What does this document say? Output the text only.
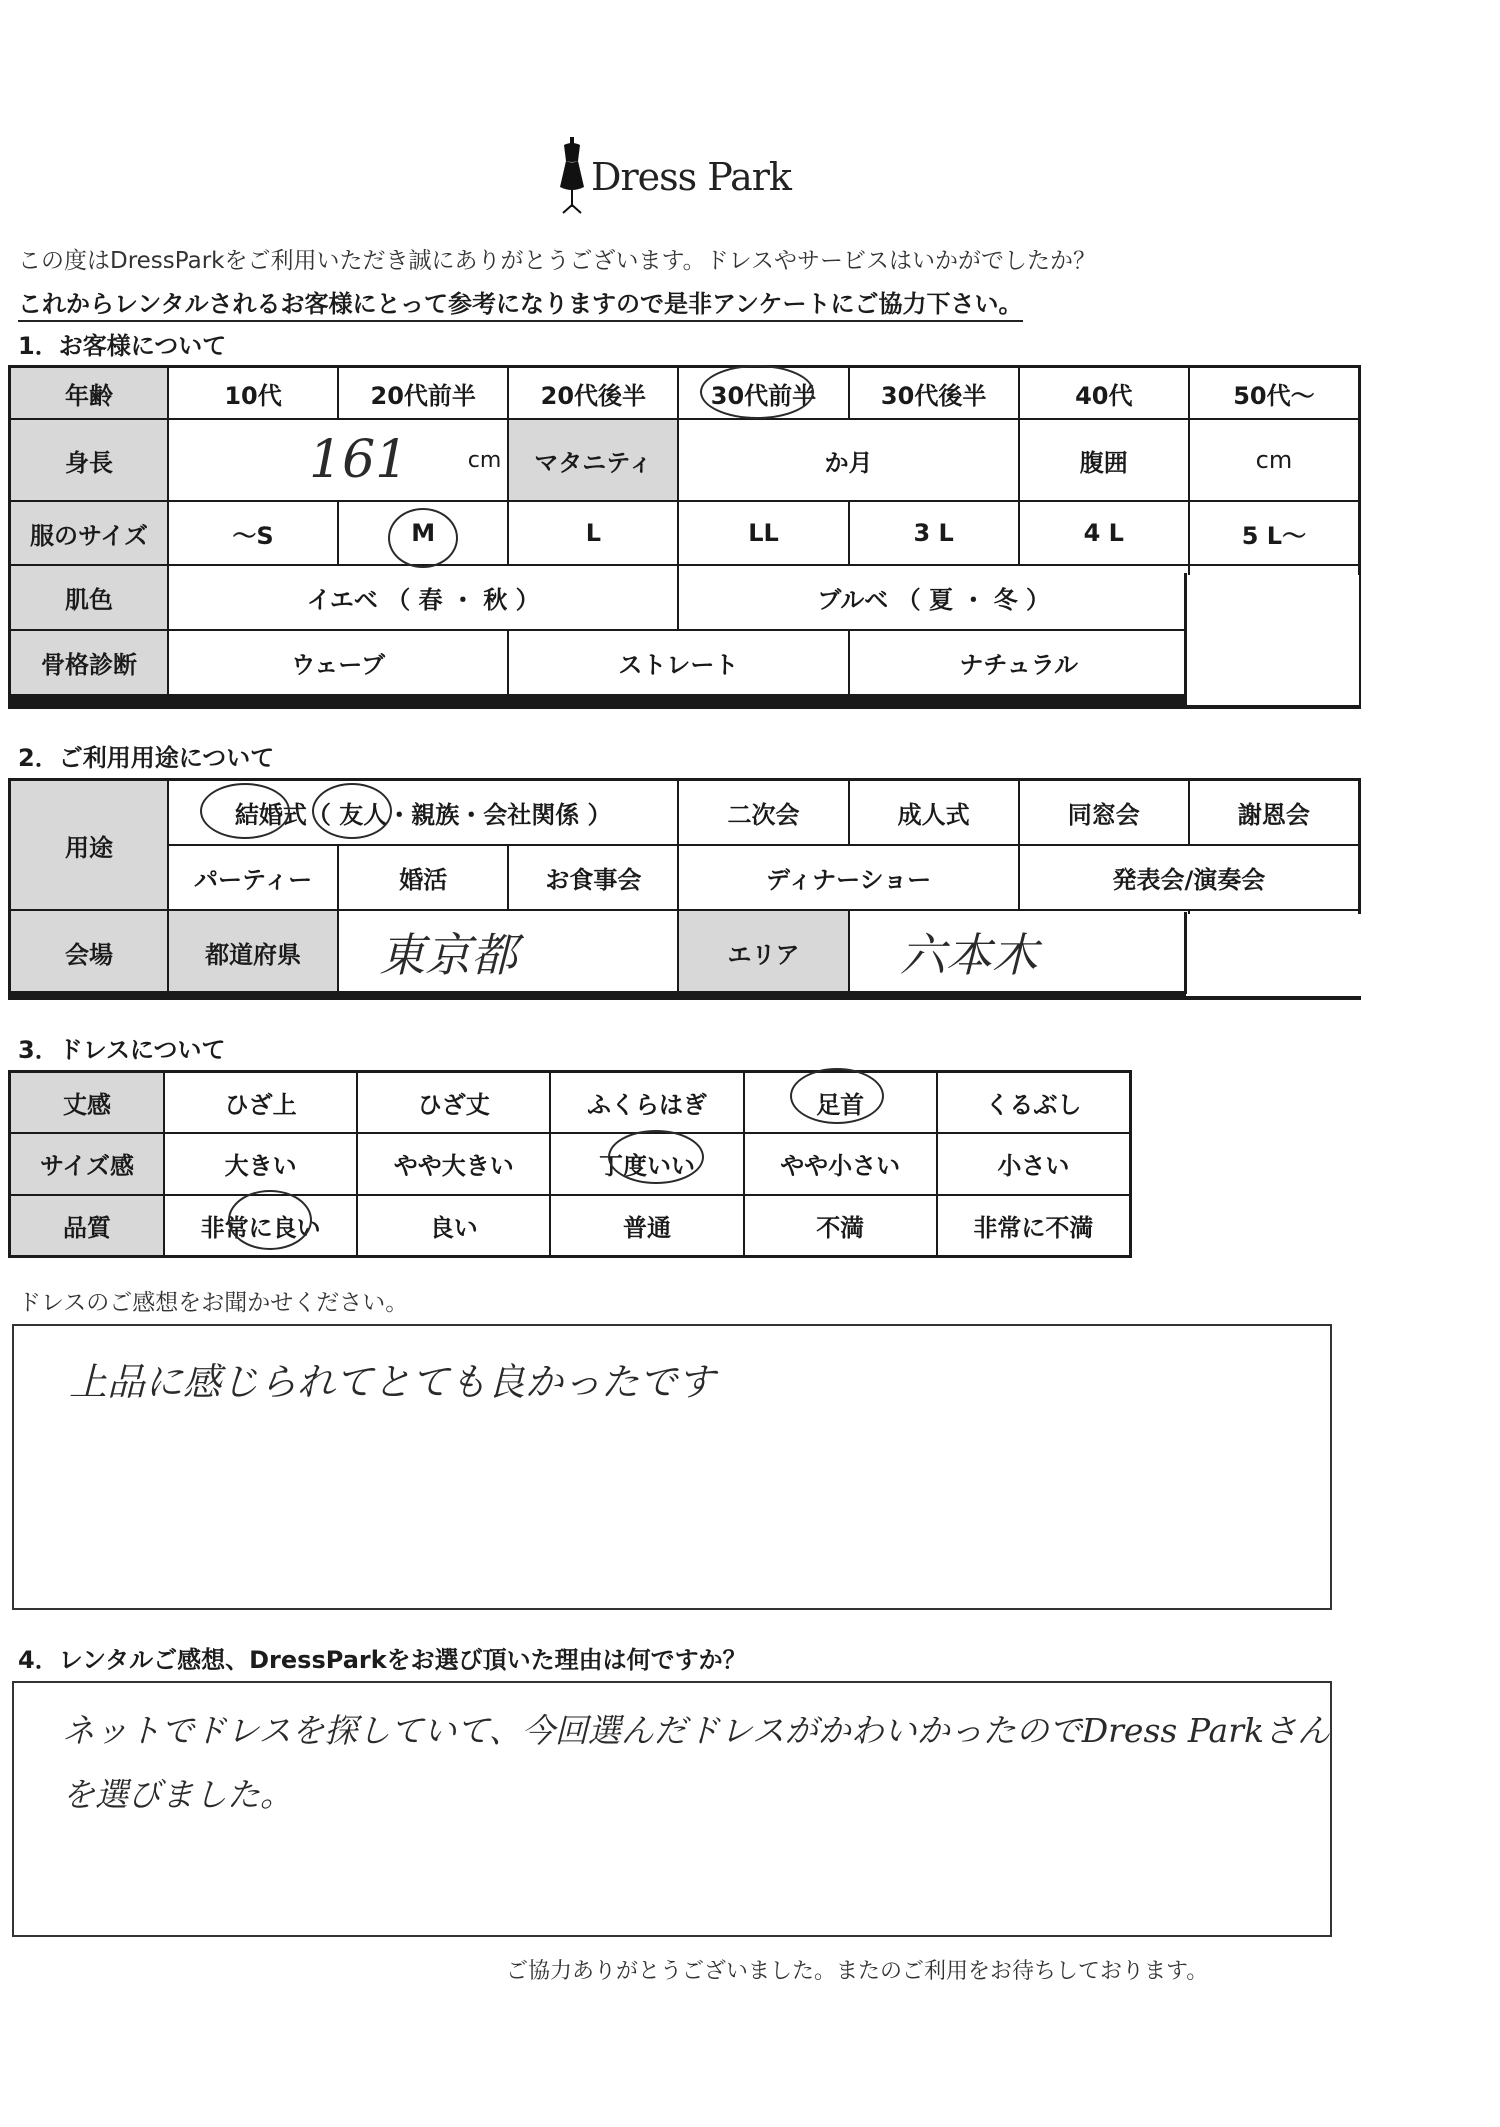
Dress Park
この度はDressParkをご利用いただき誠にありがとうございます。ドレスやサービスはいかがでしたか？
これからレンタルされるお客様にとって参考になりますので是非アンケートにご協力下さい。
1．お客様について
年齢	10代	20代前半	20代後半	30代前半	30代後半	40代	50代～
身長	161	cm	マタニティ	か月	腹囲	cm
服のサイズ	～S	M	L	LL	3 L	4 L	5 L～
肌色	イエベ （ 春 ・ 秋 ）	ブルベ （ 夏 ・ 冬 ）
骨格診断	ウェーブ	ストレート	ナチュラル
2．ご利用用途について
用途
結婚式（ 友人・親族・会社関係 ）	二次会	成人式	同窓会	謝恩会
パーティー	婚活	お食事会	ディナーショー	発表会/演奏会
会場	都道府県	東京都	エリア	六本木
3．ドレスについて
丈感	ひざ上	ひざ丈	ふくらはぎ	足首	くるぶし
サイズ感	大きい	やや大きい	丁度いい	やや小さい	小さい
品質	非常に良い	良い	普通	不満	非常に不満
ドレスのご感想をお聞かせください。
上品に感じられてとても良かったです
4．レンタルご感想、DressParkをお選び頂いた理由は何ですか？
ネットでドレスを探していて、今回選んだドレスがかわいかったのでDress Parkさん
を選びました。
ご協力ありがとうございました。またのご利用をお待ちしております。
